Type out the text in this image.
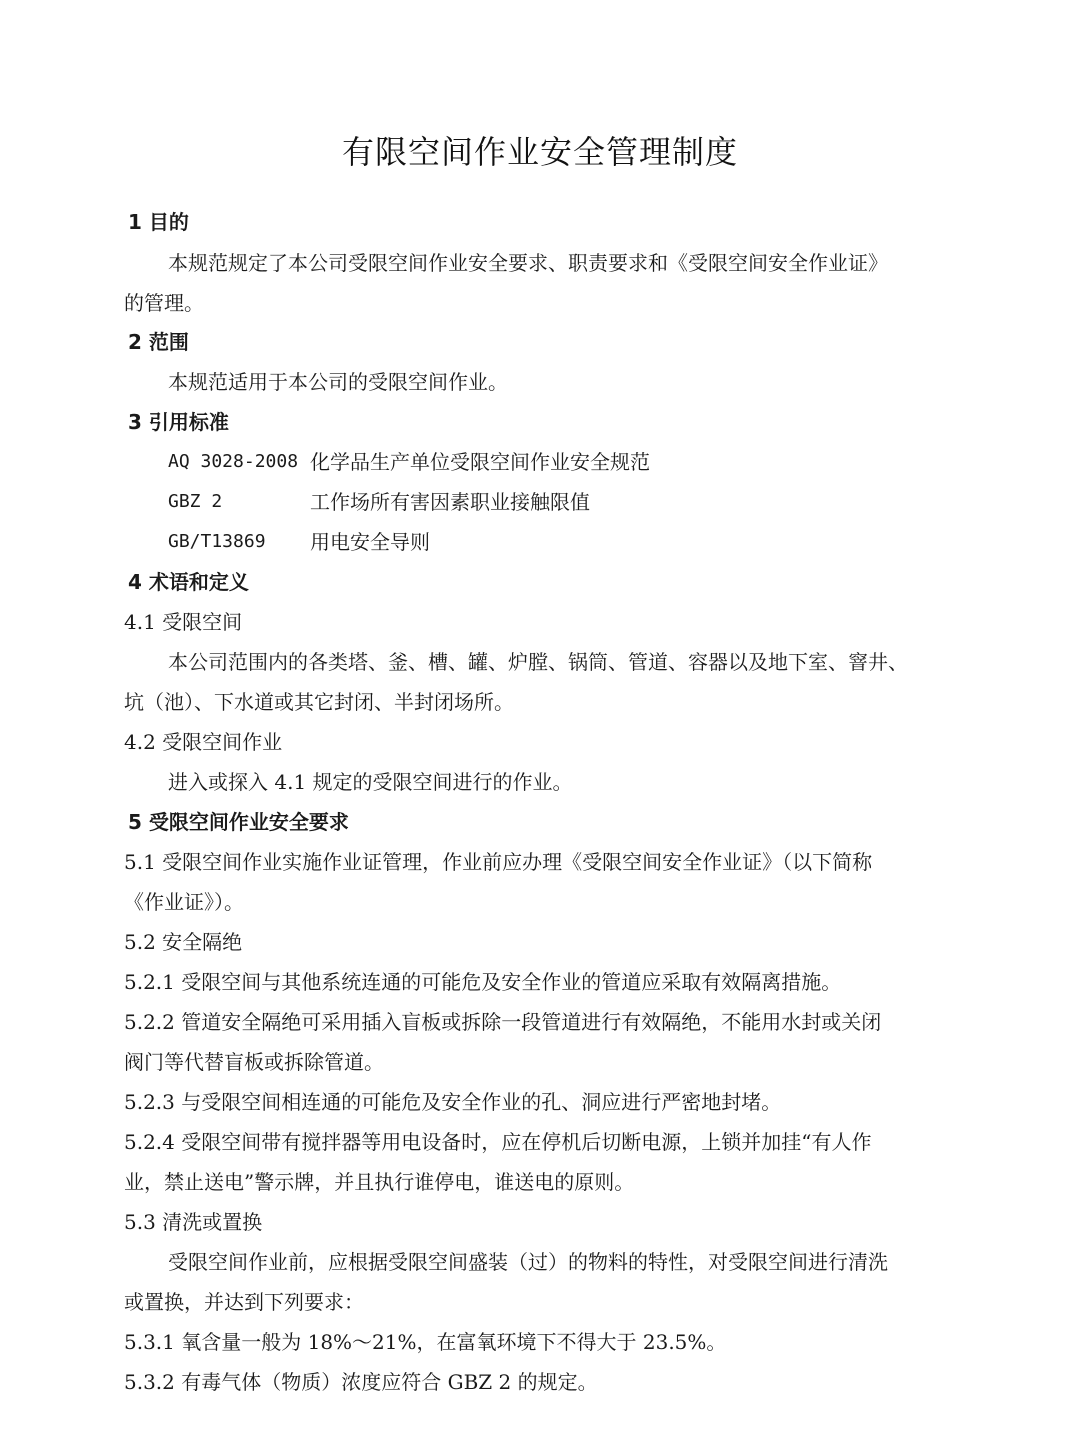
有限空间作业安全管理制度
1 目的
本规范规定了本公司受限空间作业安全要求、职责要求和《受限空间安全作业证》
的管理。
2 范围
本规范适用于本公司的受限空间作业。
3 引用标准
AQ 3028-2008 化学品生产单位受限空间作业安全规范
GBZ 2	工作场所有害因素职业接触限值
GB/T13869 用电安全导则
4 术语和定义
4.1 受限空间
本公司范围内的各类塔、釜、槽、罐、炉膛、锅筒、管道、容器以及地下室、窨井、
坑（池）、下水道或其它封闭、半封闭场所。
4.2 受限空间作业
进入或探入 4.1 规定的受限空间进行的作业。
5 受限空间作业安全要求
5.1 受限空间作业实施作业证管理，作业前应办理《受限空间安全作业证》（以下简称
《作业证》）。
5.2 安全隔绝
5.2.1 受限空间与其他系统连通的可能危及安全作业的管道应采取有效隔离措施。
5.2.2 管道安全隔绝可采用插入盲板或拆除一段管道进行有效隔绝，不能用水封或关闭
阀门等代替盲板或拆除管道。
5.2.3 与受限空间相连通的可能危及安全作业的孔、洞应进行严密地封堵。
5.2.4 受限空间带有搅拌器等用电设备时，应在停机后切断电源，上锁并加挂“有人作
业，禁止送电”警示牌，并且执行谁停电，谁送电的原则。
5.3 清洗或置换
受限空间作业前，应根据受限空间盛装（过）的物料的特性，对受限空间进行清洗
或置换，并达到下列要求：
5.3.1 氧含量一般为 18%～21%，在富氧环境下不得大于 23.5%。
5.3.2 有毒气体（物质）浓度应符合 GBZ 2 的规定。
